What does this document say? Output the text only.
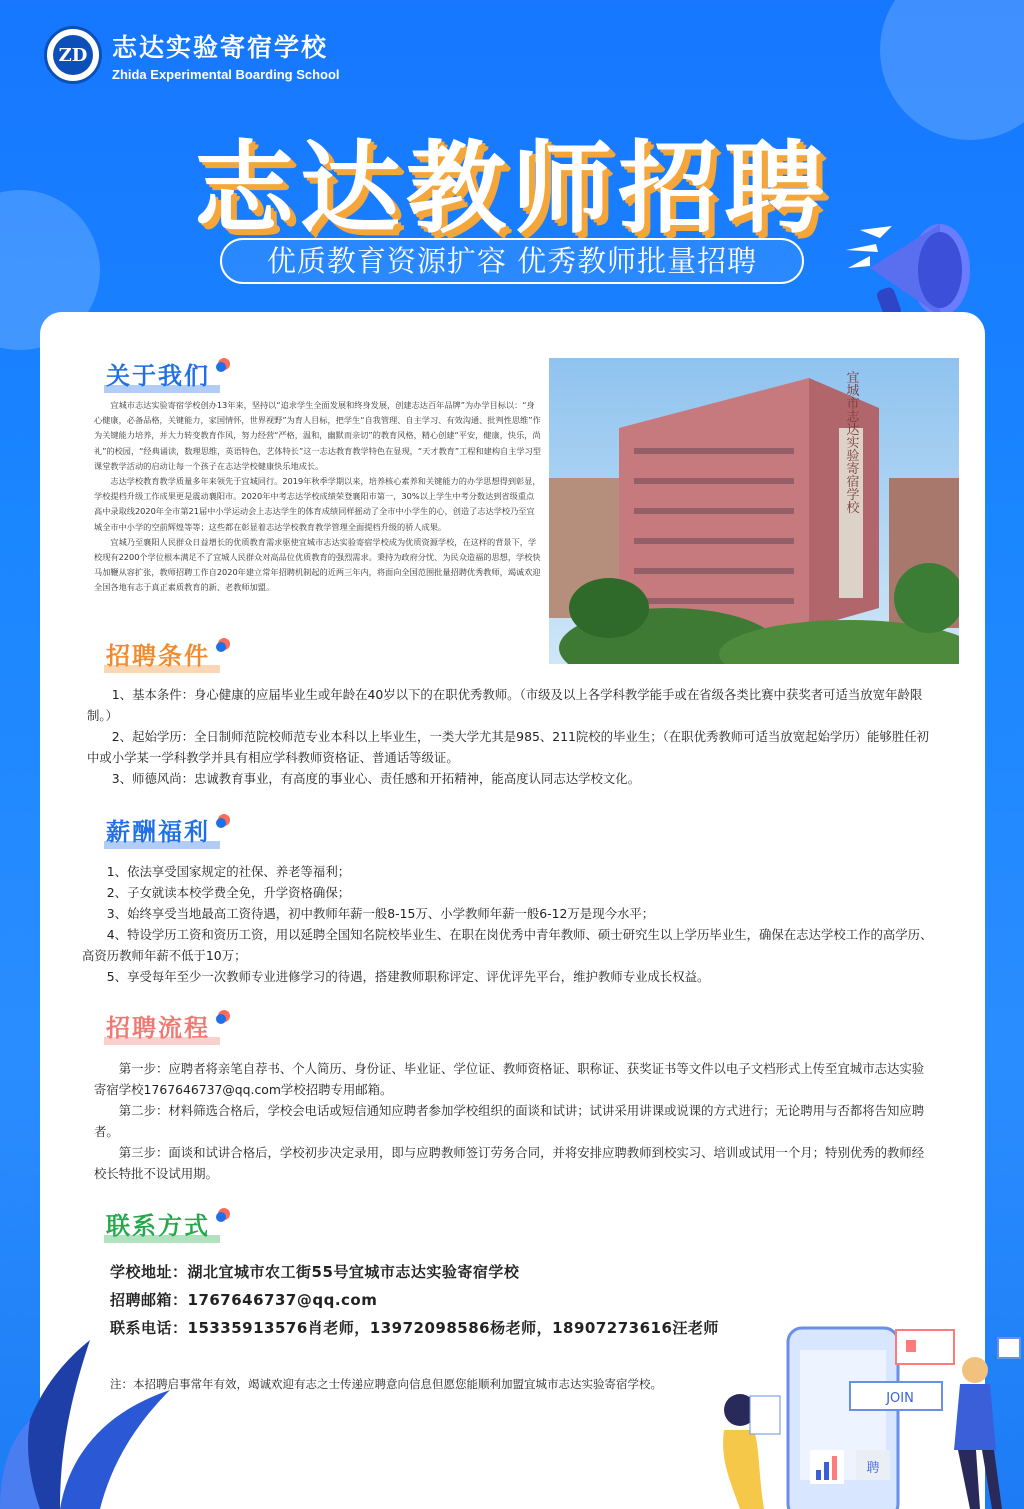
ZD 志达实验寄宿学校
Zhida Experimental Boarding School
志达教师招聘
优质教育资源扩容 优秀教师批量招聘
关于我们

宜城市志达实验寄宿学校创办13年来，坚持以“追求学生全面发展和终身发展，创建志达百年品牌”为办学目标以：“身心健康，必备品格，关键能力，家国情怀，世界视野”为育人目标，把学生“自我管理、自主学习、有效沟通、批判性思维”作为关键能力培养，并大力转变教育作风，努力经营“严格，温和，幽默而亲切”的教育风格，精心创建“平安，健康，快乐，尚礼”的校园，“经典诵读，数理思维，英语特色，艺体特长”这一志达教育教学特色在显现，“天才教育”工程和建构自主学习型课堂教学活动的启动让每一个孩子在志达学校健康快乐地成长。

志达学校教育教学质量多年来领先于宜城同行。2019年秋季学期以来，培养核心素养和关键能力的办学思想得到彰显，学校提档升级工作成果更是震动襄阳市。2020年中考志达学校成绩荣登襄阳市第一，30%以上学生中考分数达到省级重点高中录取线2020年全市第21届中小学运动会上志达学生的体育成绩同样摇动了全市中小学生的心，创造了志达学校乃至宜城全市中小学的空前辉煌等等；这些都在彰显着志达学校教育教学管理全面提档升级的骄人成果。

宜城乃至襄阳人民群众日益增长的优质教育需求驱使宜城市志达实验寄宿学校成为优质资源学校，在这样的背景下，学校现有2200个学位根本满足不了宜城人民群众对高品位优质教育的强烈需求。秉持为政府分忧、为民众造福的思想，学校快马加鞭从容扩张，教师招聘工作自2020年建立常年招聘机制起的近两三年内，将面向全国范围批量招聘优秀教师，竭诚欢迎全国各地有志于真正素质教育的新、老教师加盟。

宜城市志达实验寄宿学校
招聘条件

1、基本条件：身心健康的应届毕业生或年龄在40岁以下的在职优秀教师。（市级及以上各学科教学能手或在省级各类比赛中获奖者可适当放宽年龄限制。）

2、起始学历：全日制师范院校师范专业本科以上毕业生，一类大学尤其是985、211院校的毕业生；（在职优秀教师可适当放宽起始学历）能够胜任初中或小学某一学科教学并具有相应学科教师资格证、普通话等级证。

3、师德风尚：忠诚教育事业，有高度的事业心、责任感和开拓精神，能高度认同志达学校文化。

薪酬福利

1、依法享受国家规定的社保、养老等福利；

2、子女就读本校学费全免，升学资格确保；

3、始终享受当地最高工资待遇，初中教师年薪一般8-15万、小学教师年薪一般6-12万是现今水平；

4、特设学历工资和资历工资，用以延聘全国知名院校毕业生、在职在岗优秀中青年教师、硕士研究生以上学历毕业生，确保在志达学校工作的高学历、高资历教师年薪不低于10万；

5、享受每年至少一次教师专业进修学习的待遇，搭建教师职称评定、评优评先平台，维护教师专业成长权益。

招聘流程

第一步：应聘者将亲笔自荐书、个人简历、身份证、毕业证、学位证、教师资格证、职称证、获奖证书等文件以电子文档形式上传至宜城市志达实验寄宿学校1767646737@qq.com学校招聘专用邮箱。

第二步：材料筛选合格后，学校会电话或短信通知应聘者参加学校组织的面谈和试讲；试讲采用讲课或说课的方式进行；无论聘用与否都将告知应聘者。

第三步：面谈和试讲合格后，学校初步决定录用，即与应聘教师签订劳务合同，并将安排应聘教师到校实习、培训或试用一个月；特别优秀的教师经校长特批不设试用期。

联系方式
学校地址：湖北宜城市农工街55号宜城市志达实验寄宿学校
招聘邮箱：1767646737@qq.com
联系电话：15335913576肖老师，13972098586杨老师，18907273616汪老师
注：本招聘启事常年有效，竭诚欢迎有志之士传递应聘意向信息但愿您能顺利加盟宜城市志达实验寄宿学校。
JOIN
聘
